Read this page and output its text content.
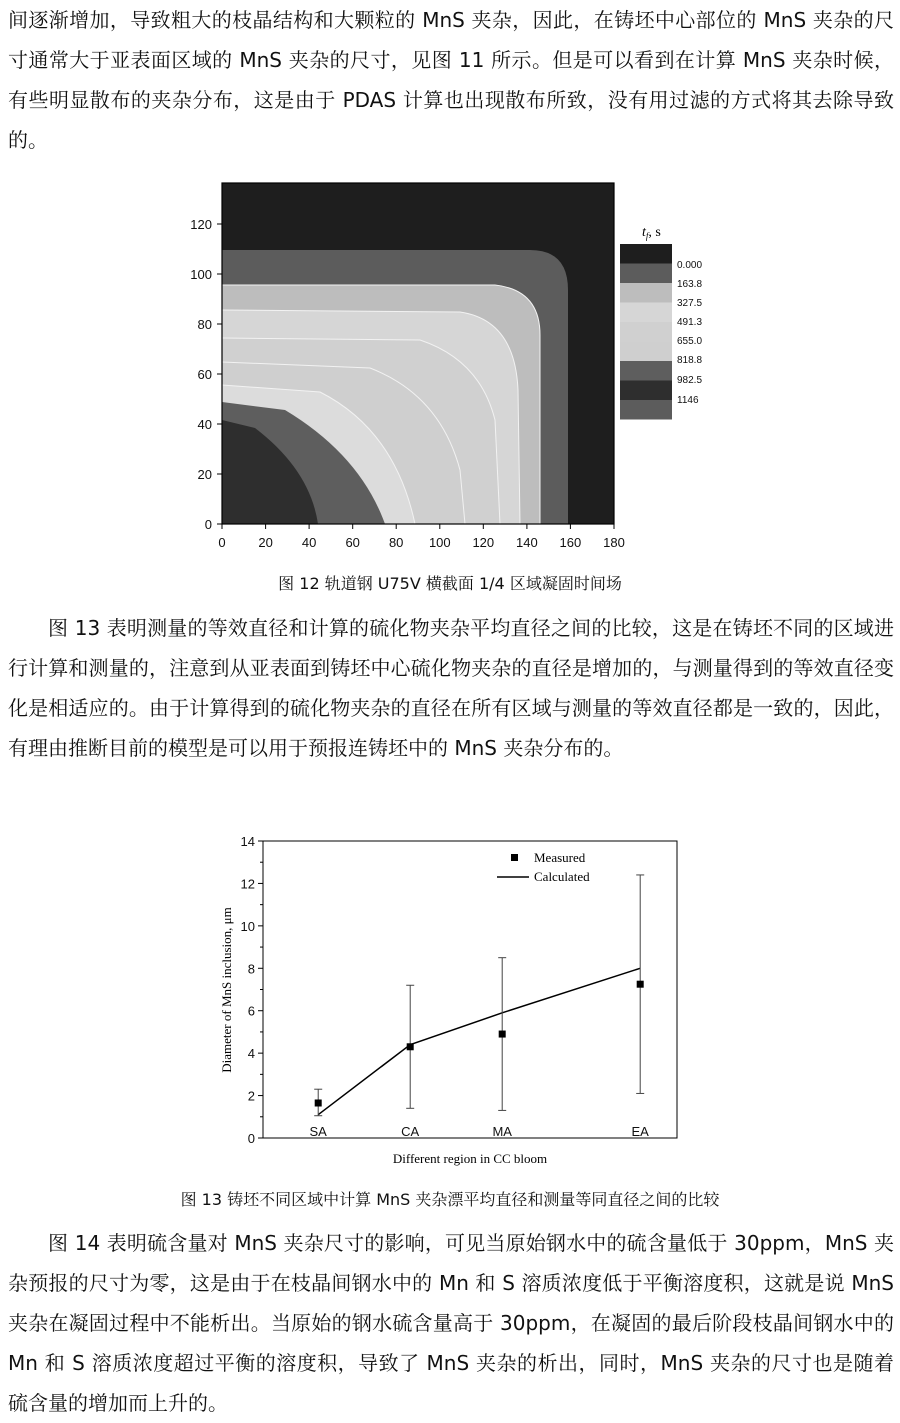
间逐渐增加，导致粗大的枝晶结构和大颗粒的 MnS 夹杂，因此，在铸坯中心部位的 MnS 夹杂的尺寸通常大于亚表面区域的 MnS 夹杂的尺寸，见图 11 所示。但是可以看到在计算 MnS 夹杂时候，有些明显散布的夹杂分布，这是由于 PDAS 计算也出现散布所致，没有用过滤的方式将其去除导致的。

0
20
40
60
80
100
120
0	20 40 60 80 100 120 140 160 180
$t_f$, s
0.000
163.8
327.5
491.3
655.0
818.8
982.5
1146

图 12 轨道钢 U75V 横截面 1/4 区域凝固时间场

图 13 表明测量的等效直径和计算的硫化物夹杂平均直径之间的比较，这是在铸坯不同的区域进行计算和测量的，注意到从亚表面到铸坯中心硫化物夹杂的直径是增加的，与测量得到的等效直径变化是相适应的。由于计算得到的硫化物夹杂的直径在所有区域与测量的等效直径都是一致的，因此，有理由推断目前的模型是可以用于预报连铸坯中的 MnS 夹杂分布的。

0
2
4
6
8
10
12
14
SA	CA	MA	EA
Diameter of MnS inclusion, μm
Different region in CC bloom
Measured
Calculated

图 13 铸坯不同区域中计算 MnS 夹杂漂平均直径和测量等同直径之间的比较

图 14 表明硫含量对 MnS 夹杂尺寸的影响，可见当原始钢水中的硫含量低于 30ppm，MnS 夹杂预报的尺寸为零，这是由于在枝晶间钢水中的 Mn 和 S 溶质浓度低于平衡溶度积，这就是说 MnS 夹杂在凝固过程中不能析出。当原始的钢水硫含量高于 30ppm，在凝固的最后阶段枝晶间钢水中的 Mn 和 S 溶质浓度超过平衡的溶度积，导致了 MnS 夹杂的析出，同时，MnS 夹杂的尺寸也是随着硫含量的增加而上升的。
